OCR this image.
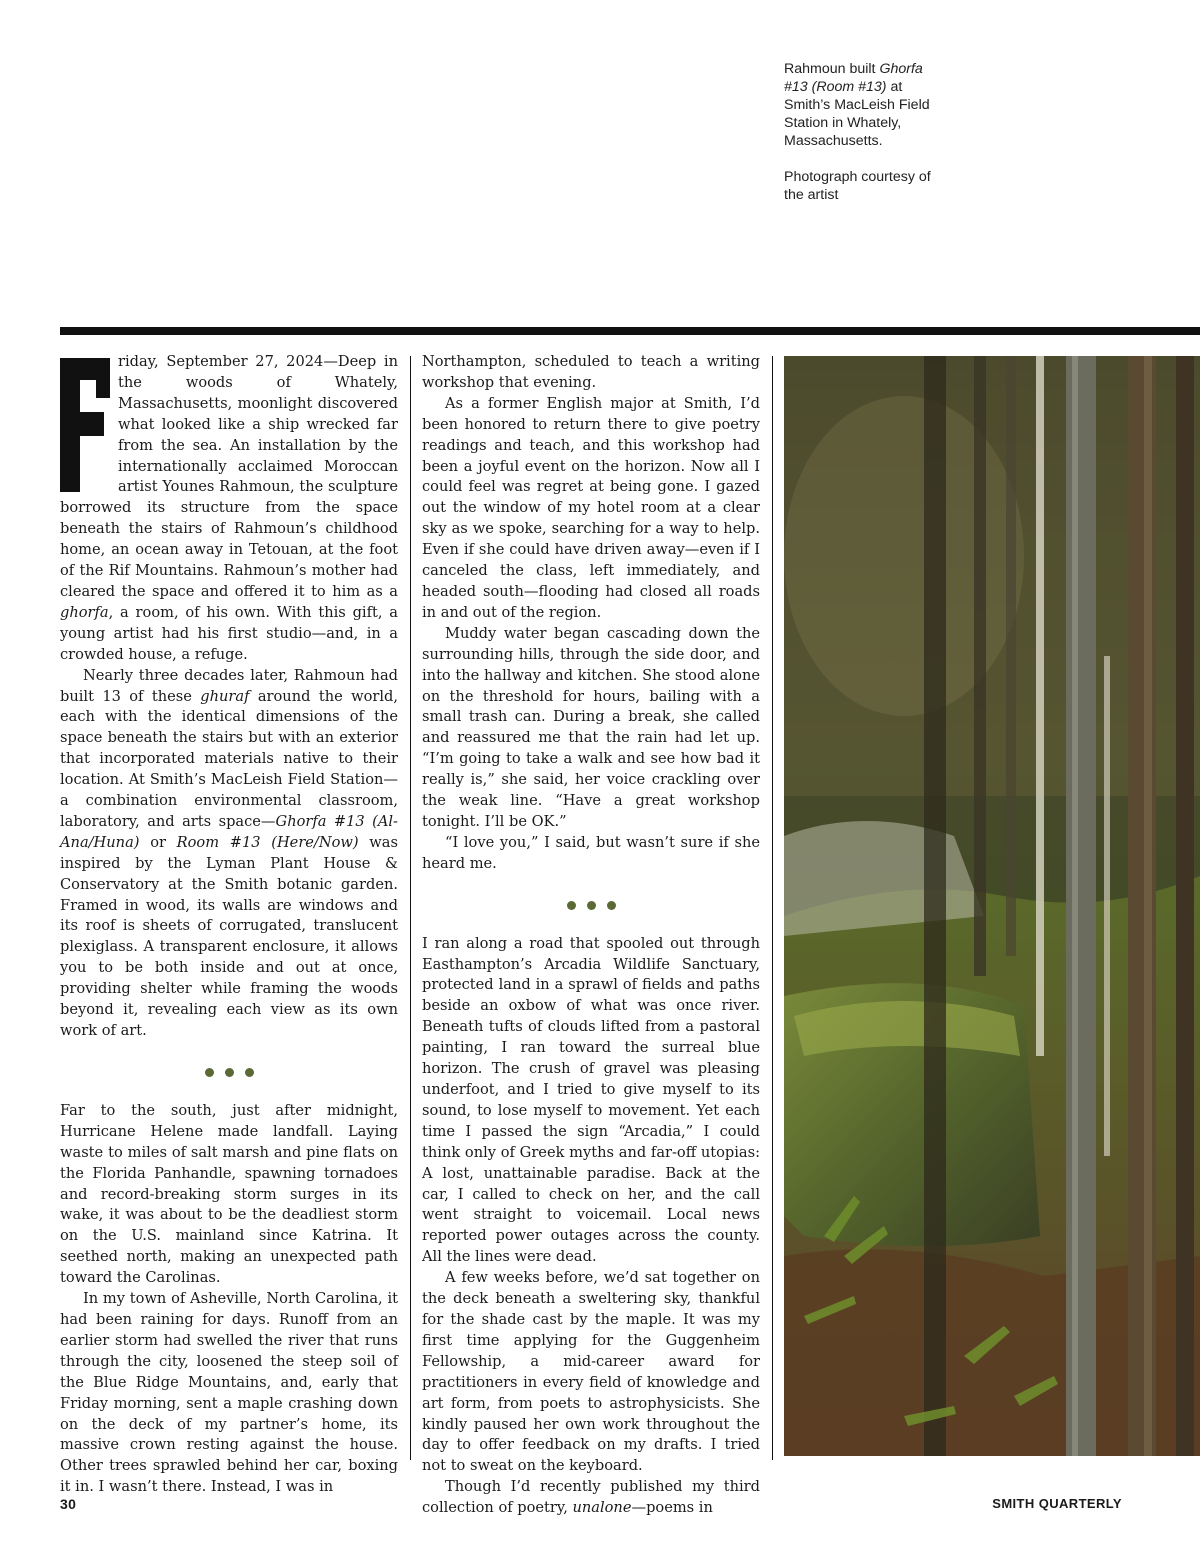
Rahmoun built Ghorfa #13 (Room #13) at Smith’s MacLeish Field Station in Whately, Massachusetts.

Photograph courtesy of the artist

riday, September 27, 2024—Deep in the woods of Whately, Massachusetts, moonlight discovered what looked like a ship wrecked far from the sea. An installation by the internationally acclaimed Moroccan artist Younes Rahmoun, the sculpture borrowed its structure from the space beneath the stairs of Rahmoun’s childhood home, an ocean away in Tetouan, at the foot of the Rif Mountains. Rahmoun’s mother had cleared the space and offered it to him as a ghorfa, a room, of his own. With this gift, a young artist had his first studio—and, in a crowded house, a refuge.

Nearly three decades later, Rahmoun had built 13 of these ghuraf around the world, each with the identical dimensions of the space beneath the stairs but with an exterior that incorporated materials native to their location. At Smith’s MacLeish Field Station—a combination environmental classroom, laboratory, and arts space—Ghorfa #13 (Al-Ana/Huna) or Room #13 (Here/Now) was inspired by the Lyman Plant House & Conservatory at the Smith botanic garden. Framed in wood, its walls are windows and its roof is sheets of corrugated, translucent plexiglass. A transparent enclosure, it allows you to be both inside and out at once, providing shelter while framing the woods beyond it, revealing each view as its own work of art.

Far to the south, just after midnight, Hurricane Helene made landfall. Laying waste to miles of salt marsh and pine flats on the Florida Panhandle, spawning tornadoes and record-breaking storm surges in its wake, it was about to be the deadliest storm on the U.S. mainland since Katrina. It seethed north, making an unexpected path toward the Carolinas.

In my town of Asheville, North Carolina, it had been raining for days. Runoff from an earlier storm had swelled the river that runs through the city, loosened the steep soil of the Blue Ridge Mountains, and, early that Friday morning, sent a maple crashing down on the deck of my partner’s home, its massive crown resting against the house. Other trees sprawled behind her car, boxing it in. I wasn’t there. Instead, I was in

Northampton, scheduled to teach a writing workshop that evening.

As a former English major at Smith, I’d been honored to return there to give poetry readings and teach, and this workshop had been a joyful event on the horizon. Now all I could feel was regret at being gone. I gazed out the window of my hotel room at a clear sky as we spoke, searching for a way to help. Even if she could have driven away—even if I canceled the class, left immediately, and headed south—flooding had closed all roads in and out of the region.

Muddy water began cascading down the surrounding hills, through the side door, and into the hallway and kitchen. She stood alone on the threshold for hours, bailing with a small trash can. During a break, she called and reassured me that the rain had let up. “I’m going to take a walk and see how bad it really is,” she said, her voice crackling over the weak line. “Have a great workshop tonight. I’ll be OK.”

“I love you,” I said, but wasn’t sure if she heard me.

I ran along a road that spooled out through Easthampton’s Arcadia Wildlife Sanctuary, protected land in a sprawl of fields and paths beside an oxbow of what was once river. Beneath tufts of clouds lifted from a pastoral painting, I ran toward the surreal blue horizon. The crush of gravel was pleasing underfoot, and I tried to give myself to its sound, to lose myself to movement. Yet each time I passed the sign “Arcadia,” I could think only of Greek myths and far-off utopias: A lost, unattainable paradise. Back at the car, I called to check on her, and the call went straight to voicemail. Local news reported power outages across the county. All the lines were dead.

A few weeks before, we’d sat together on the deck beneath a sweltering sky, thankful for the shade cast by the maple. It was my first time applying for the Guggenheim Fellowship, a mid-career award for practitioners in every field of knowledge and art form, from poets to astrophysicists. She kindly paused her own work throughout the day to offer feedback on my drafts. I tried not to sweat on the keyboard.

Though I’d recently published my third collection of poetry, unalone—poems in

30	SMITH QUARTERLY
